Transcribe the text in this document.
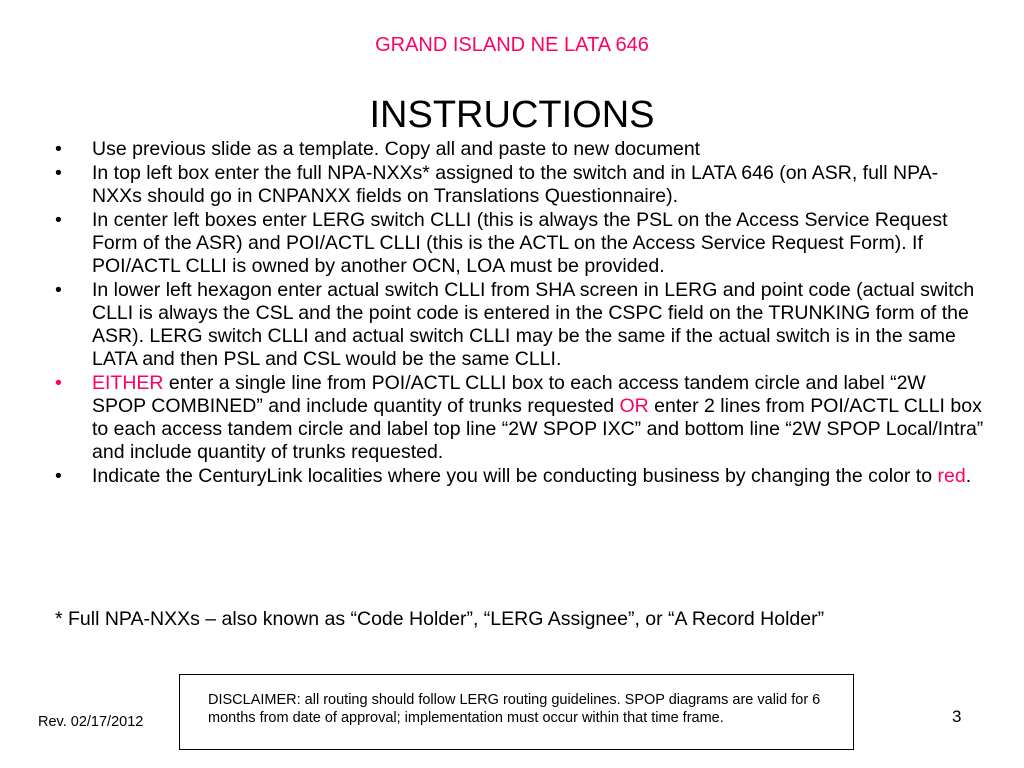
GRAND ISLAND NE LATA 646
INSTRUCTIONS
• Use previous slide as a template. Copy all and paste to new document
• In top left box enter the full NPA-NXXs* assigned to the switch and in LATA 646 (on ASR, full NPA-NXXs should go in CNPANXX fields on Translations Questionnaire).
• In center left boxes enter LERG switch CLLI (this is always the PSL on the Access Service Request Form of the ASR) and POI/ACTL CLLI (this is the ACTL on the Access Service Request Form). If POI/ACTL CLLI is owned by another OCN, LOA must be provided.
• In lower left hexagon enter actual switch CLLI from SHA screen in LERG and point code (actual switch CLLI is always the CSL and the point code is entered in the CSPC field on the TRUNKING form of the ASR). LERG switch CLLI and actual switch CLLI may be the same if the actual switch is in the same LATA and then PSL and CSL would be the same CLLI.
• EITHER enter a single line from POI/ACTL CLLI box to each access tandem circle and label “2W SPOP COMBINED” and include quantity of trunks requested OR enter 2 lines from POI/ACTL CLLI box to each access tandem circle and label top line “2W SPOP IXC” and bottom line “2W SPOP Local/Intra” and include quantity of trunks requested.
• Indicate the CenturyLink localities where you will be conducting business by changing the color to red.
* Full NPA-NXXs – also known as “Code Holder”, “LERG Assignee”, or “A Record Holder”
DISCLAIMER: all routing should follow LERG routing guidelines. SPOP diagrams are valid for 6 months from date of approval; implementation must occur within that time frame.
Rev. 02/17/2012	3
